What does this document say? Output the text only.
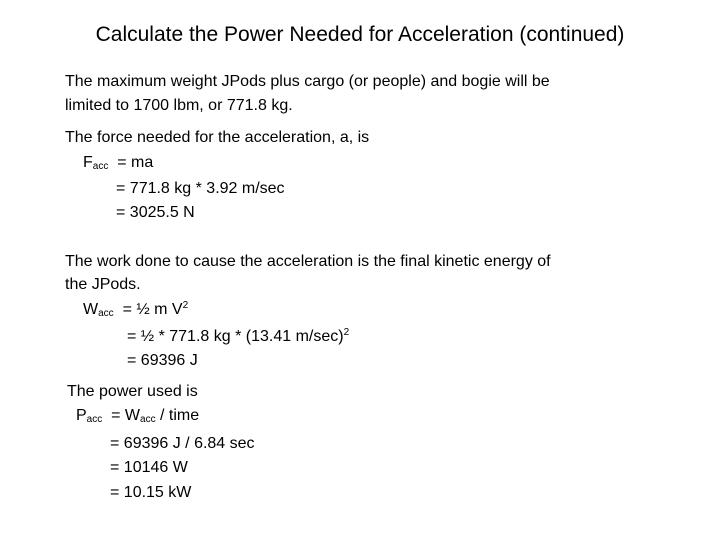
Calculate the Power Needed for Acceleration (continued)
The maximum weight JPods plus cargo (or people) and bogie will be
limited to 1700 lbm, or 771.8 kg.
The force needed for the acceleration, a, is
$F_{acc}$ = ma
= 771.8 kg * 3.92 m/sec
= 3025.5 N
The work done to cause the acceleration is the final kinetic energy of
the JPods.
$W_{acc}$ = ½ m $V^2$
= ½ * 771.8 kg * (13.41 m/sec)$^2$
= 69396 J
The power used is
$P_{acc} = W_{acc}$ / time
= 69396 J / 6.84 sec
= 10146 W
= 10.15 kW
